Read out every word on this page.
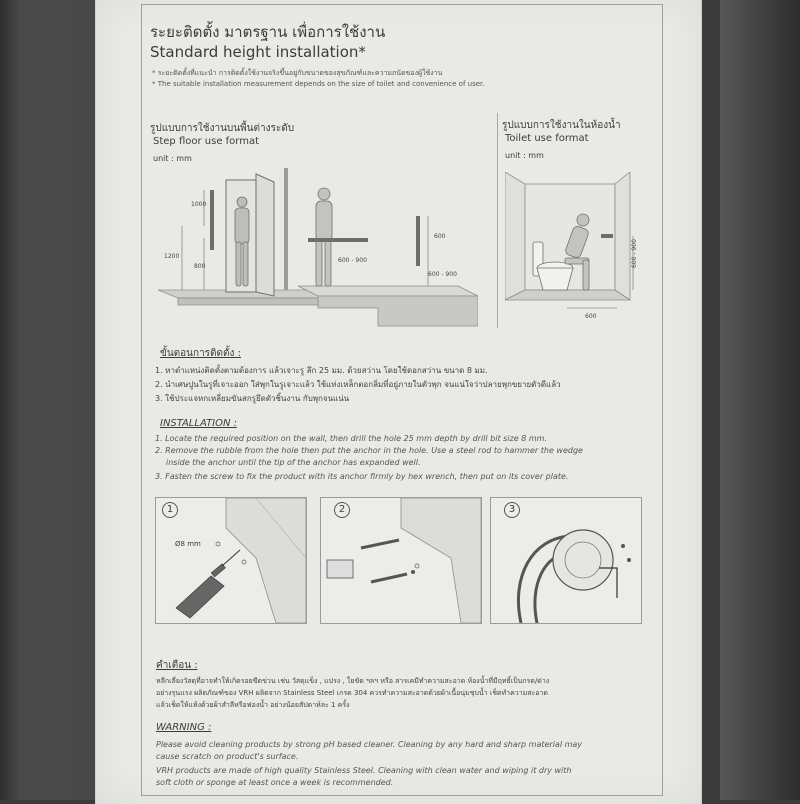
ระยะติดตั้ง มาตรฐาน เพื่อการใช้งาน
Standard height installation*
* ระยะติดตั้งที่แนะนำ การติดตั้งใช้งานจริงขึ้นอยู่กับขนาดของสุขภัณฑ์และความถนัดของผู้ใช้งาน
* The suitable installation measurement depends on the size of toilet and convenience of user.
รูปแบบการใช้งานบนพื้นต่างระดับ
Step floor use format
unit : mm
รูปแบบการใช้งานในห้องน้ำ
Toilet use format
unit : mm
1000
1200
800
600
600 - 900
600 - 900
600 - 900
600
ขั้นตอนการติดตั้ง :
1. หาตำแหน่งติดตั้งตามต้องการ แล้วเจาะรู ลึก 25 มม. ด้วยสว่าน โดยใช้ดอกสว่าน ขนาด 8 มม.
2. นำเศษปูนในรูที่เจาะออก ใส่พุกในรูเจาะแล้ว ใช้แท่งเหล็กตอกลิ่มที่อยู่ภายในตัวพุก จนแน่ใจว่าปลายพุกขยายตัวดีแล้ว
3. ใช้ประแจหกเหลี่ยมขันสกรูยึดตัวชิ้นงาน กับพุกจนแน่น
INSTALLATION :
1. Locate the required position on the wall, then drill the hole 25 mm depth by drill bit size 8 mm.
2. Remove the rubble from the hole then put the anchor in the hole. Use a steel rod to hammer the wedge
inside the anchor until the tip of the anchor has expanded well.
3. Fasten the screw to fix the product with its anchor firmly by hex wrench, then put on its cover plate.
1
Ø8 mm
2	3
คำเตือน :
หลีกเลี่ยงวัสดุที่อาจทำให้เกิดรอยขีดข่วน เช่น วัสดุแข็ง , แปรง , ใยขัด ฯลฯ หรือ สารเคมีทำความสะอาด ห้องน้ำที่มีฤทธิ์เป็นกรด/ด่าง
อย่างรุนแรง ผลิตภัณฑ์ของ VRH ผลิตจาก Stainless Steel เกรด 304 ควรทำความสะอาดด้วยผ้าเนื้อนุ่มชุบน้ำ เช็ดทำความสะอาด
แล้วเช็ดให้แห้งด้วยผ้าสำลีหรือฟองน้ำ อย่างน้อยสัปดาห์ละ 1 ครั้ง
WARNING :
Please avoid cleaning products by strong pH based cleaner. Cleaning by any hard and sharp material may
cause scratch on product's surface.
VRH products are made of high quality Stainless Steel. Cleaning with clean water and wiping it dry with
soft cloth or sponge at least once a week is recommended.
